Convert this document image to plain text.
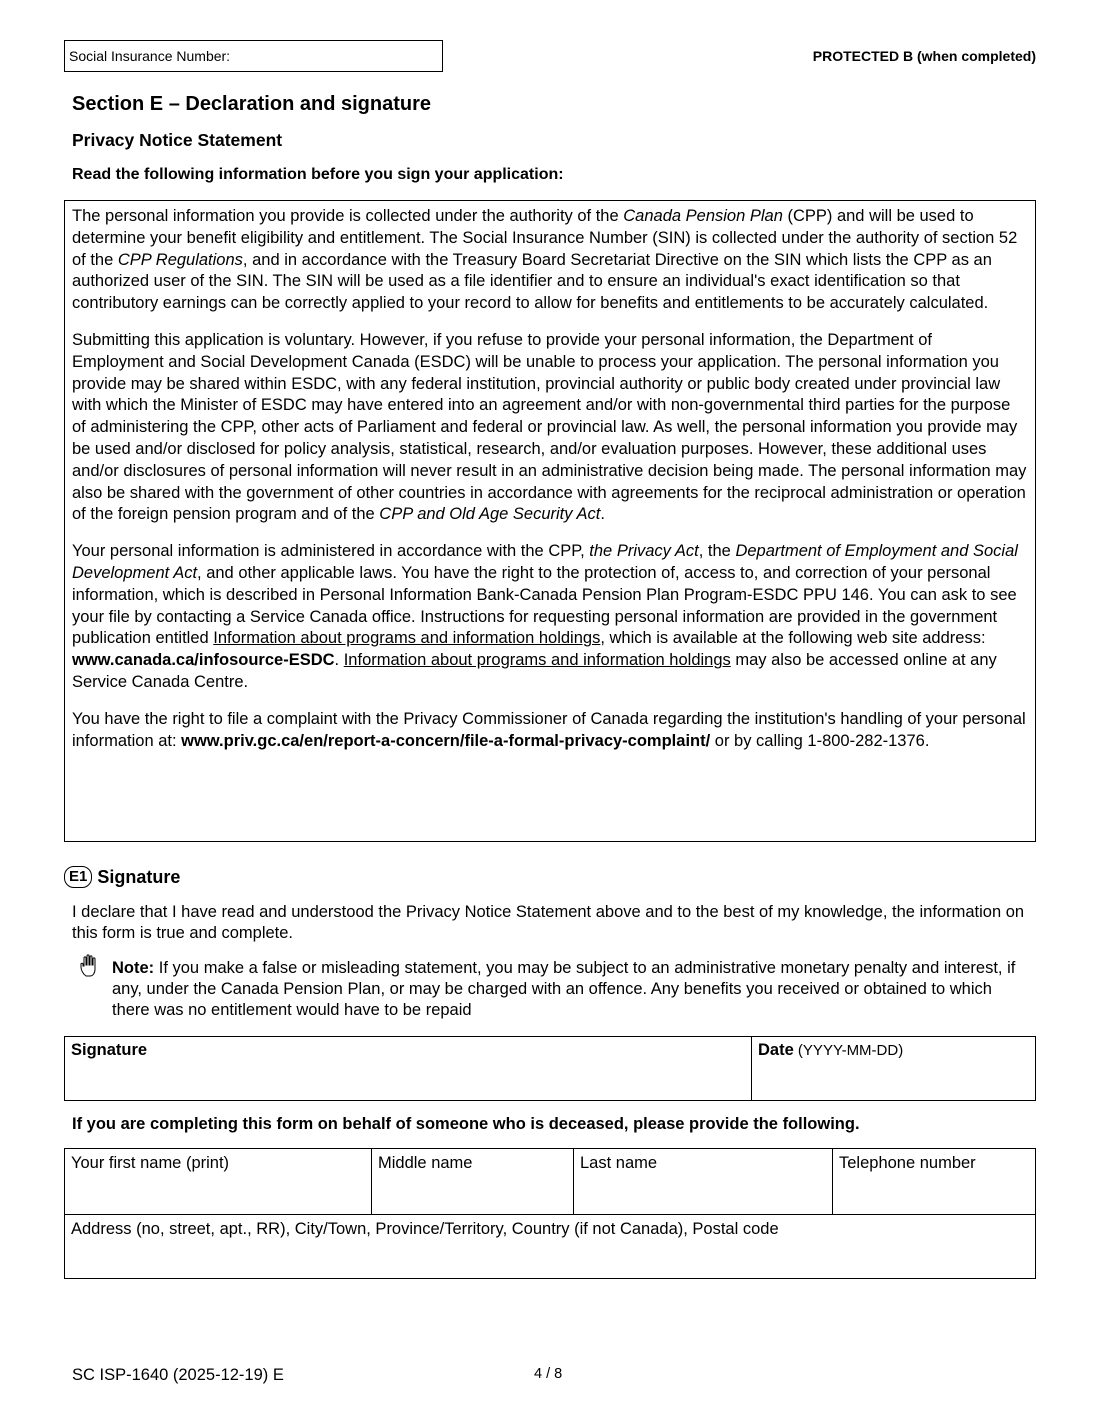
Social Insurance Number:	PROTECTED B (when completed)
Section E – Declaration and signature
Privacy Notice Statement
Read the following information before you sign your application:

The personal information you provide is collected under the authority of the Canada Pension Plan (CPP) and will be used to determine your benefit eligibility and entitlement. The Social Insurance Number (SIN) is collected under the authority of section 52 of the CPP Regulations, and in accordance with the Treasury Board Secretariat Directive on the SIN which lists the CPP as an authorized user of the SIN. The SIN will be used as a file identifier and to ensure an individual's exact identification so that contributory earnings can be correctly applied to your record to allow for benefits and entitlements to be accurately calculated.

Submitting this application is voluntary. However, if you refuse to provide your personal information, the Department of Employment and Social Development Canada (ESDC) will be unable to process your application. The personal information you provide may be shared within ESDC, with any federal institution, provincial authority or public body created under provincial law with which the Minister of ESDC may have entered into an agreement and/or with non-governmental third parties for the purpose of administering the CPP, other acts of Parliament and federal or provincial law. As well, the personal information you provide may be used and/or disclosed for policy analysis, statistical, research, and/or evaluation purposes. However, these additional uses and/or disclosures of personal information will never result in an administrative decision being made. The personal information may also be shared with the government of other countries in accordance with agreements for the reciprocal administration or operation of the foreign pension program and of the CPP and Old Age Security Act.

Your personal information is administered in accordance with the CPP, the Privacy Act, the Department of Employment and Social Development Act, and other applicable laws. You have the right to the protection of, access to, and correction of your personal information, which is described in Personal Information Bank-Canada Pension Plan Program-ESDC PPU 146. You can ask to see your file by contacting a Service Canada office. Instructions for requesting personal information are provided in the government publication entitled Information about programs and information holdings, which is available at the following web site address: www.canada.ca/infosource-ESDC. Information about programs and information holdings may also be accessed online at any Service Canada Centre.

You have the right to file a complaint with the Privacy Commissioner of Canada regarding the institution's handling of your personal information at: www.priv.gc.ca/en/report-a-concern/file-a-formal-privacy-complaint/ or by calling 1-800-282-1376.

E1 Signature
I declare that I have read and understood the Privacy Notice Statement above and to the best of my knowledge, the information on this form is true and complete.
Note: If you make a false or misleading statement, you may be subject to an administrative monetary penalty and interest, if any, under the Canada Pension Plan, or may be charged with an offence. Any benefits you received or obtained to which there was no entitlement would have to be repaid
Signature	Date (YYYY-MM-DD)
If you are completing this form on behalf of someone who is deceased, please provide the following.
Your first name (print)	Middle name	Last name	Telephone number
Address (no, street, apt., RR), City/Town, Province/Territory, Country (if not Canada), Postal code
SC ISP-1640 (2025-12-19) E	4 / 8
